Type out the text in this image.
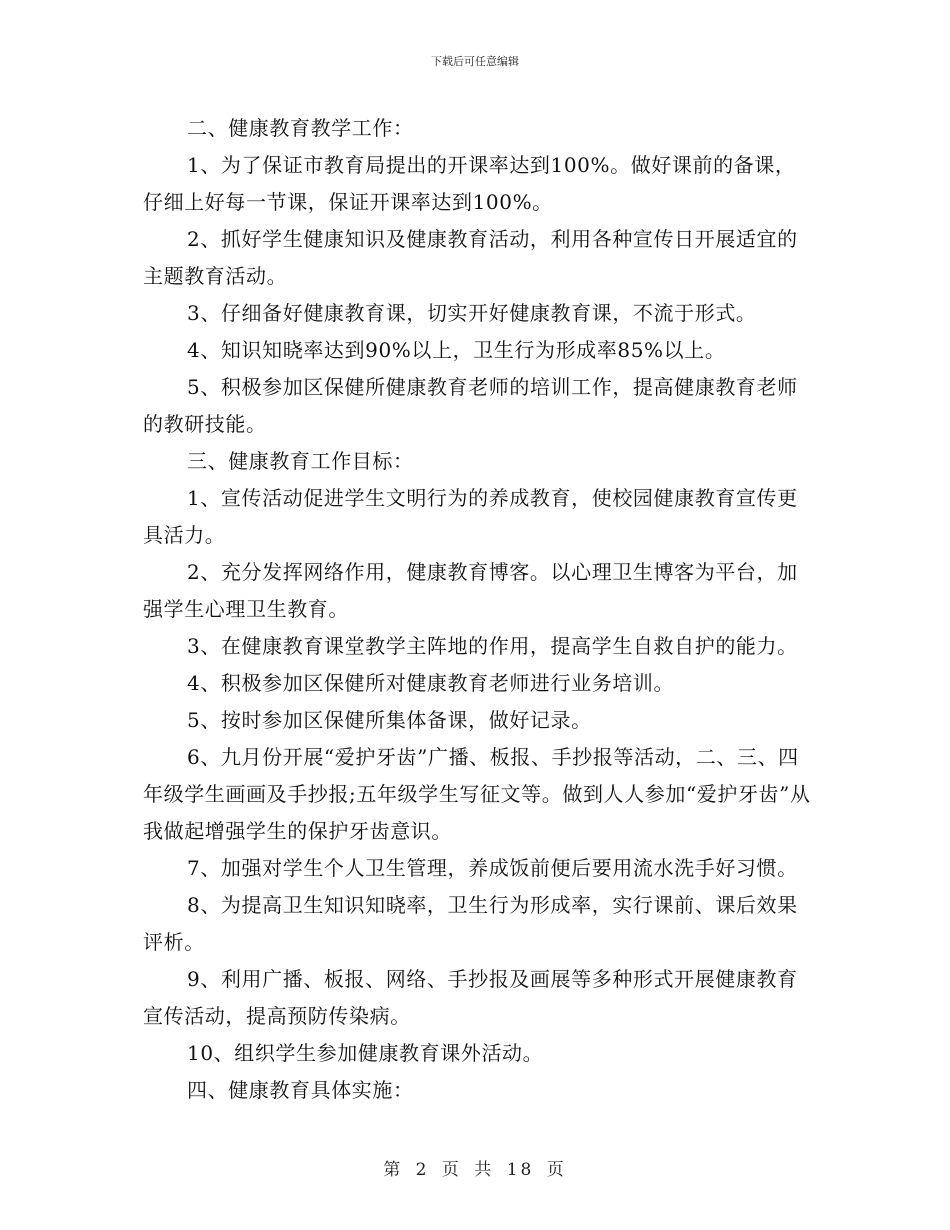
下载后可任意编辑

二、健康教育教学工作：

1、为了保证市教育局提出的开课率达到100%。做好课前的备课，仔细上好每一节课，保证开课率达到100%。

2、抓好学生健康知识及健康教育活动，利用各种宣传日开展适宜的主题教育活动。

3、仔细备好健康教育课，切实开好健康教育课，不流于形式。

4、知识知晓率达到90%以上，卫生行为形成率85%以上。

5、积极参加区保健所健康教育老师的培训工作，提高健康教育老师的教研技能。

三、健康教育工作目标：

1、宣传活动促进学生文明行为的养成教育，使校园健康教育宣传更具活力。

2、充分发挥网络作用，健康教育博客。以心理卫生博客为平台，加强学生心理卫生教育。

3、在健康教育课堂教学主阵地的作用，提高学生自救自护的能力。

4、积极参加区保健所对健康教育老师进行业务培训。

5、按时参加区保健所集体备课，做好记录。

6、九月份开展“爱护牙齿”广播、板报、手抄报等活动，二、三、四年级学生画画及手抄报;五年级学生写征文等。做到人人参加“爱护牙齿”从我做起增强学生的保护牙齿意识。

7、加强对学生个人卫生管理，养成饭前便后要用流水洗手好习惯。

8、为提高卫生知识知晓率，卫生行为形成率，实行课前、课后效果评析。

9、利用广播、板报、网络、手抄报及画展等多种形式开展健康教育宣传活动，提高预防传染病。

10、组织学生参加健康教育课外活动。

四、健康教育具体实施：

第 2 页 共 18 页
